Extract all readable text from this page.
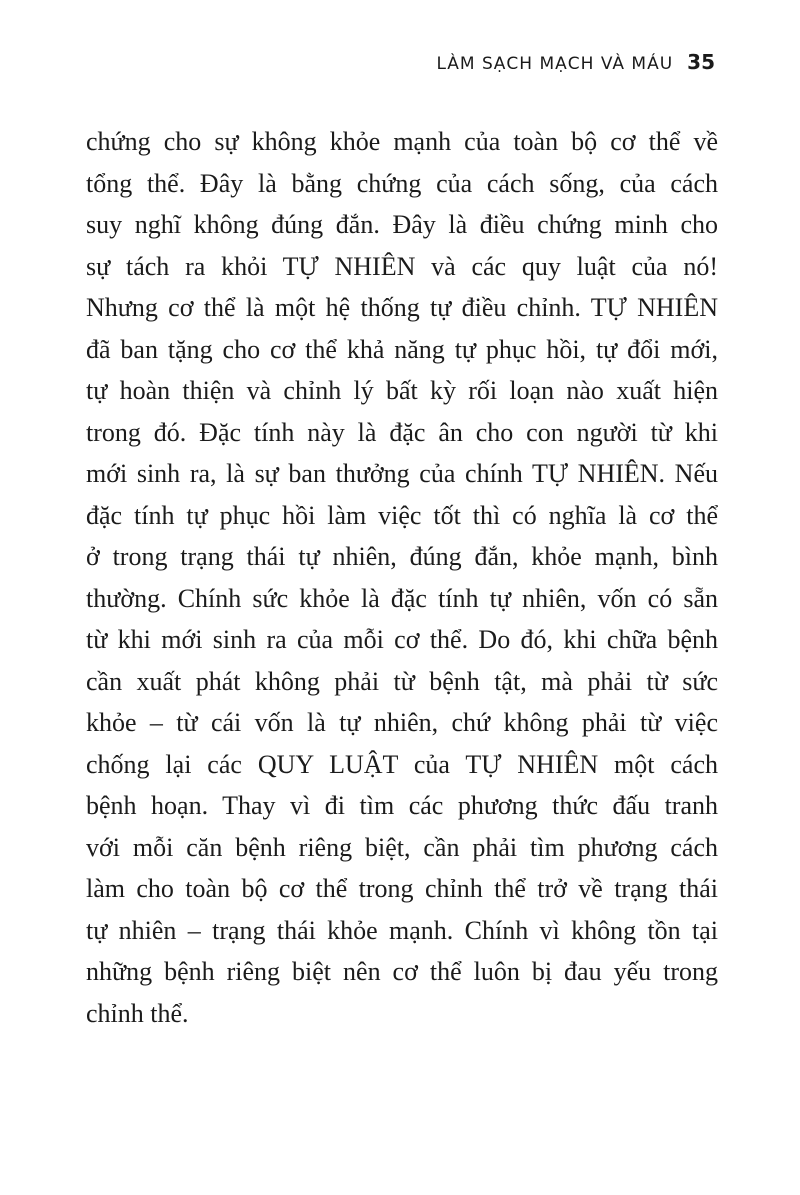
LÀM SẠCH MẠCH VÀ MÁU 35
chứng cho sự không khỏe mạnh của toàn bộ cơ thể về
tổng thể. Đây là bằng chứng của cách sống, của cách
suy nghĩ không đúng đắn. Đây là điều chứng minh cho
sự tách ra khỏi TỰ NHIÊN và các quy luật của nó!
Nhưng cơ thể là một hệ thống tự điều chỉnh. TỰ NHIÊN
đã ban tặng cho cơ thể khả năng tự phục hồi, tự đổi mới,
tự hoàn thiện và chỉnh lý bất kỳ rối loạn nào xuất hiện
trong đó. Đặc tính này là đặc ân cho con người từ khi
mới sinh ra, là sự ban thưởng của chính TỰ NHIÊN. Nếu
đặc tính tự phục hồi làm việc tốt thì có nghĩa là cơ thể
ở trong trạng thái tự nhiên, đúng đắn, khỏe mạnh, bình
thường. Chính sức khỏe là đặc tính tự nhiên, vốn có sẵn
từ khi mới sinh ra của mỗi cơ thể. Do đó, khi chữa bệnh
cần xuất phát không phải từ bệnh tật, mà phải từ sức
khỏe – từ cái vốn là tự nhiên, chứ không phải từ việc
chống lại các QUY LUẬT của TỰ NHIÊN một cách
bệnh hoạn. Thay vì đi tìm các phương thức đấu tranh
với mỗi căn bệnh riêng biệt, cần phải tìm phương cách
làm cho toàn bộ cơ thể trong chỉnh thể trở về trạng thái
tự nhiên – trạng thái khỏe mạnh. Chính vì không tồn tại
những bệnh riêng biệt nên cơ thể luôn bị đau yếu trong
chỉnh thể.
